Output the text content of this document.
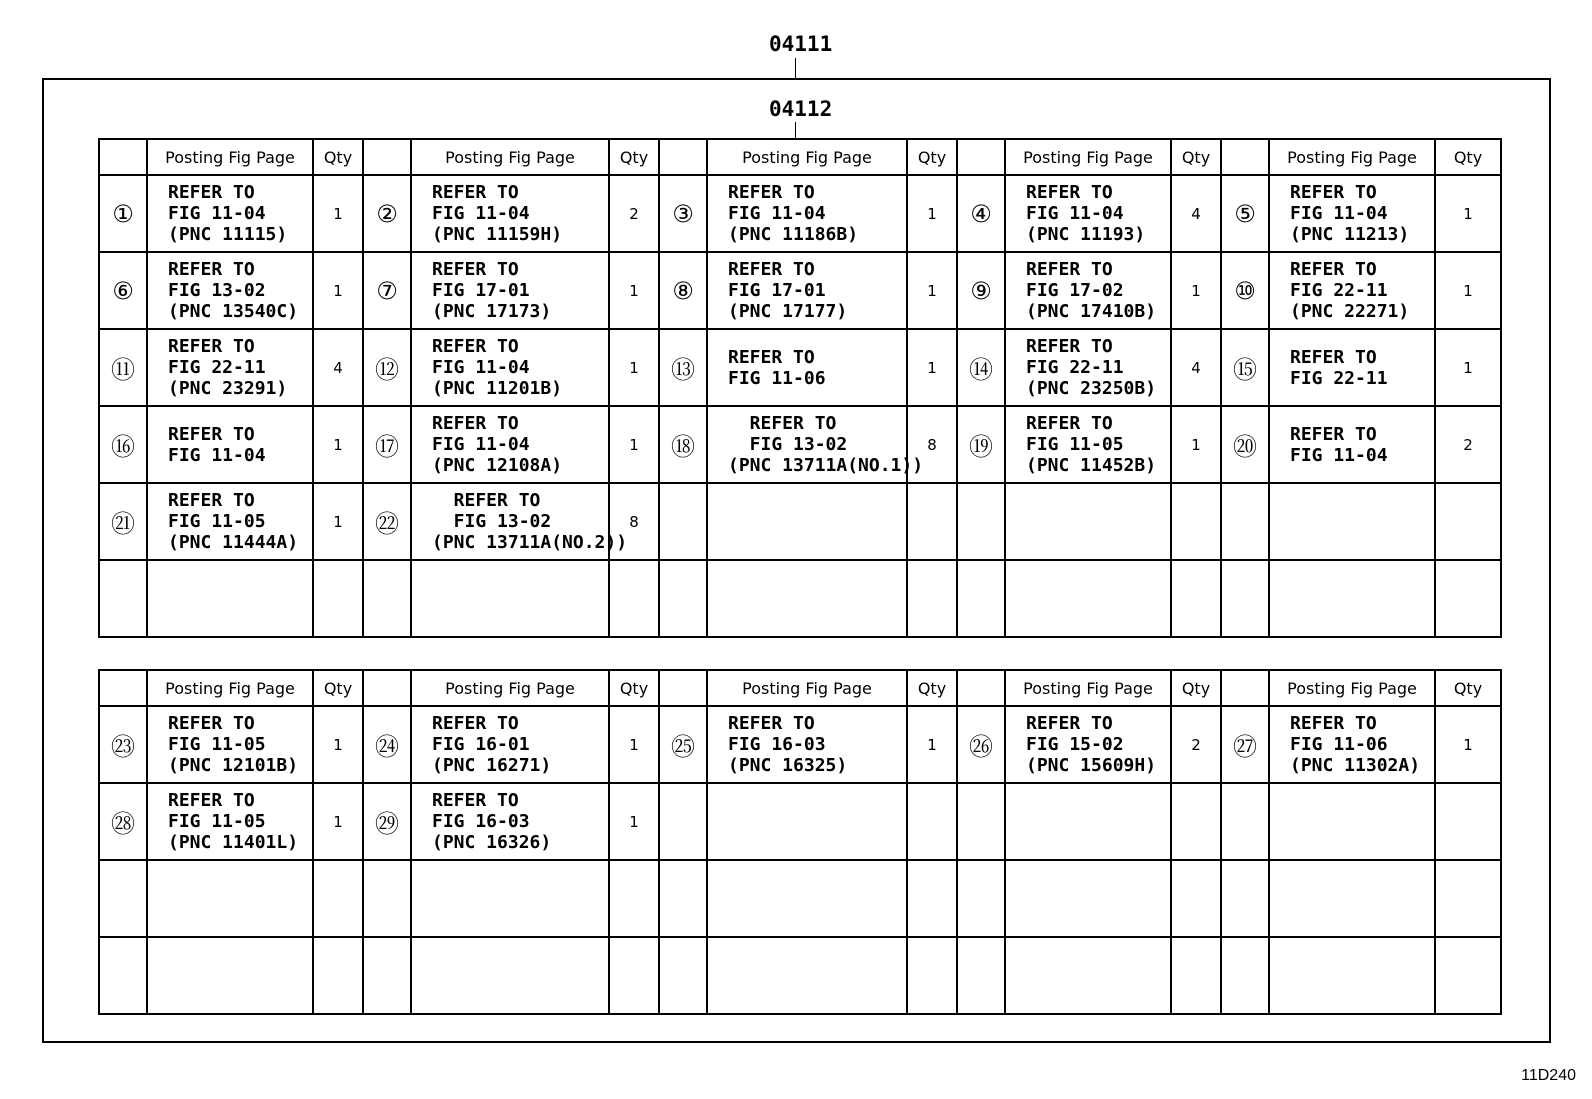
04111
04112
	Posting Fig Page	Qty		Posting Fig Page	Qty		Posting Fig Page	Qty		Posting Fig Page	Qty		Posting Fig Page	Qty
①	REFER TO
FIG 11-04
(PNC 11115)	1	②	REFER TO
FIG 11-04
(PNC 11159H)	2	③	REFER TO
FIG 11-04
(PNC 11186B)	1	④	REFER TO
FIG 11-04
(PNC 11193)	4	⑤	REFER TO
FIG 11-04
(PNC 11213)	1
⑥	REFER TO
FIG 13-02
(PNC 13540C)	1	⑦	REFER TO
FIG 17-01
(PNC 17173)	1	⑧	REFER TO
FIG 17-01
(PNC 17177)	1	⑨	REFER TO
FIG 17-02
(PNC 17410B)	1	⑩	REFER TO
FIG 22-11
(PNC 22271)	1
⑪	REFER TO
FIG 22-11
(PNC 23291)	4	⑫	REFER TO
FIG 11-04
(PNC 11201B)	1	⑬	REFER TO
FIG 11-06	1	⑭	REFER TO
FIG 22-11
(PNC 23250B)	4	⑮	REFER TO
FIG 22-11	1
⑯	REFER TO
FIG 11-04	1	⑰	REFER TO
FIG 11-04
(PNC 12108A)	1	⑱	REFER TO
FIG 13-02
(PNC 13711A(NO.1))	8	⑲	REFER TO
FIG 11-05
(PNC 11452B)	1	⑳	REFER TO
FIG 11-04	2
㉑	REFER TO
FIG 11-05
(PNC 11444A)	1	㉒	REFER TO
FIG 13-02
(PNC 13711A(NO.2))	8									

	Posting Fig Page	Qty		Posting Fig Page	Qty		Posting Fig Page	Qty		Posting Fig Page	Qty		Posting Fig Page	Qty
㉓	REFER TO
FIG 11-05
(PNC 12101B)	1	㉔	REFER TO
FIG 16-01
(PNC 16271)	1	㉕	REFER TO
FIG 16-03
(PNC 16325)	1	㉖	REFER TO
FIG 15-02
(PNC 15609H)	2	㉗	REFER TO
FIG 11-06
(PNC 11302A)	1
㉘	REFER TO
FIG 11-05
(PNC 11401L)	1	㉙	REFER TO
FIG 16-03
(PNC 16326)	1									

11D240
